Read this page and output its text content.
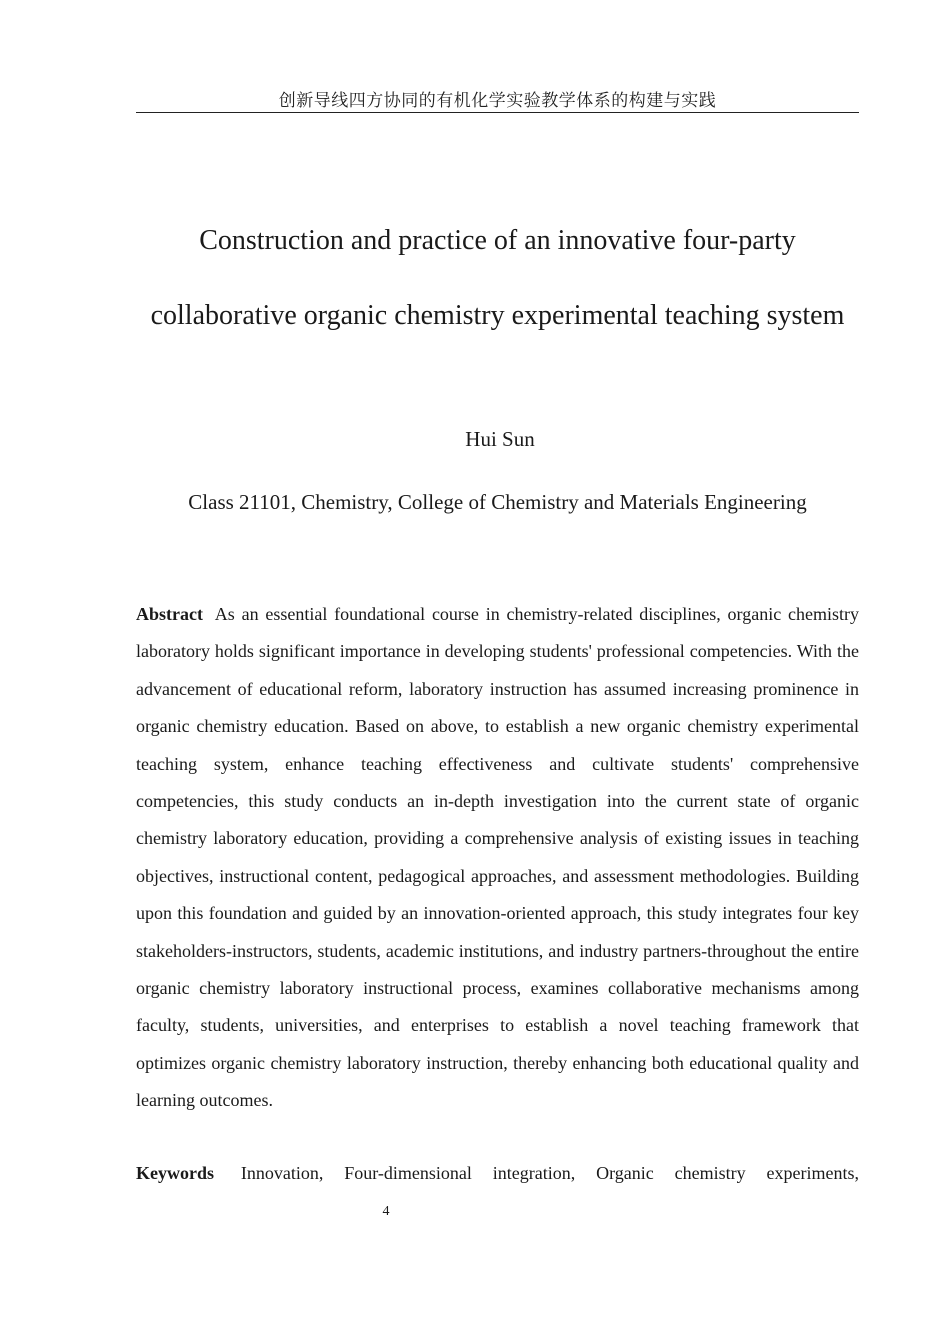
创新导线四方协同的有机化学实验教学体系的构建与实践
Construction and practice of an innovative four-party
collaborative organic chemistry experimental teaching system
Hui Sun
Class 21101, Chemistry, College of Chemistry and Materials Engineering

Abstract As an essential foundational course in chemistry-related disciplines, organic chemistry laboratory holds significant importance in developing students' professional competencies. With the advancement of educational reform, laboratory instruction has assumed increasing prominence in organic chemistry education. Based on above, to establish a new organic chemistry experimental teaching system, enhance teaching effectiveness and cultivate students' comprehensive competencies, this study conducts an in-depth investigation into the current state of organic chemistry laboratory education, providing a comprehensive analysis of existing issues in teaching objectives, instructional content, pedagogical approaches, and assessment methodologies. Building upon this foundation and guided by an innovation-oriented approach, this study integrates four key stakeholders-instructors, students, academic institutions, and industry partners-throughout the entire organic chemistry laboratory instructional process, examines collaborative mechanisms among faculty, students, universities, and enterprises to establish a novel teaching framework that optimizes organic chemistry laboratory instruction, thereby enhancing both educational quality and learning outcomes.

Keywords Innovation, Four-dimensional integration, Organic chemistry experiments,

4
